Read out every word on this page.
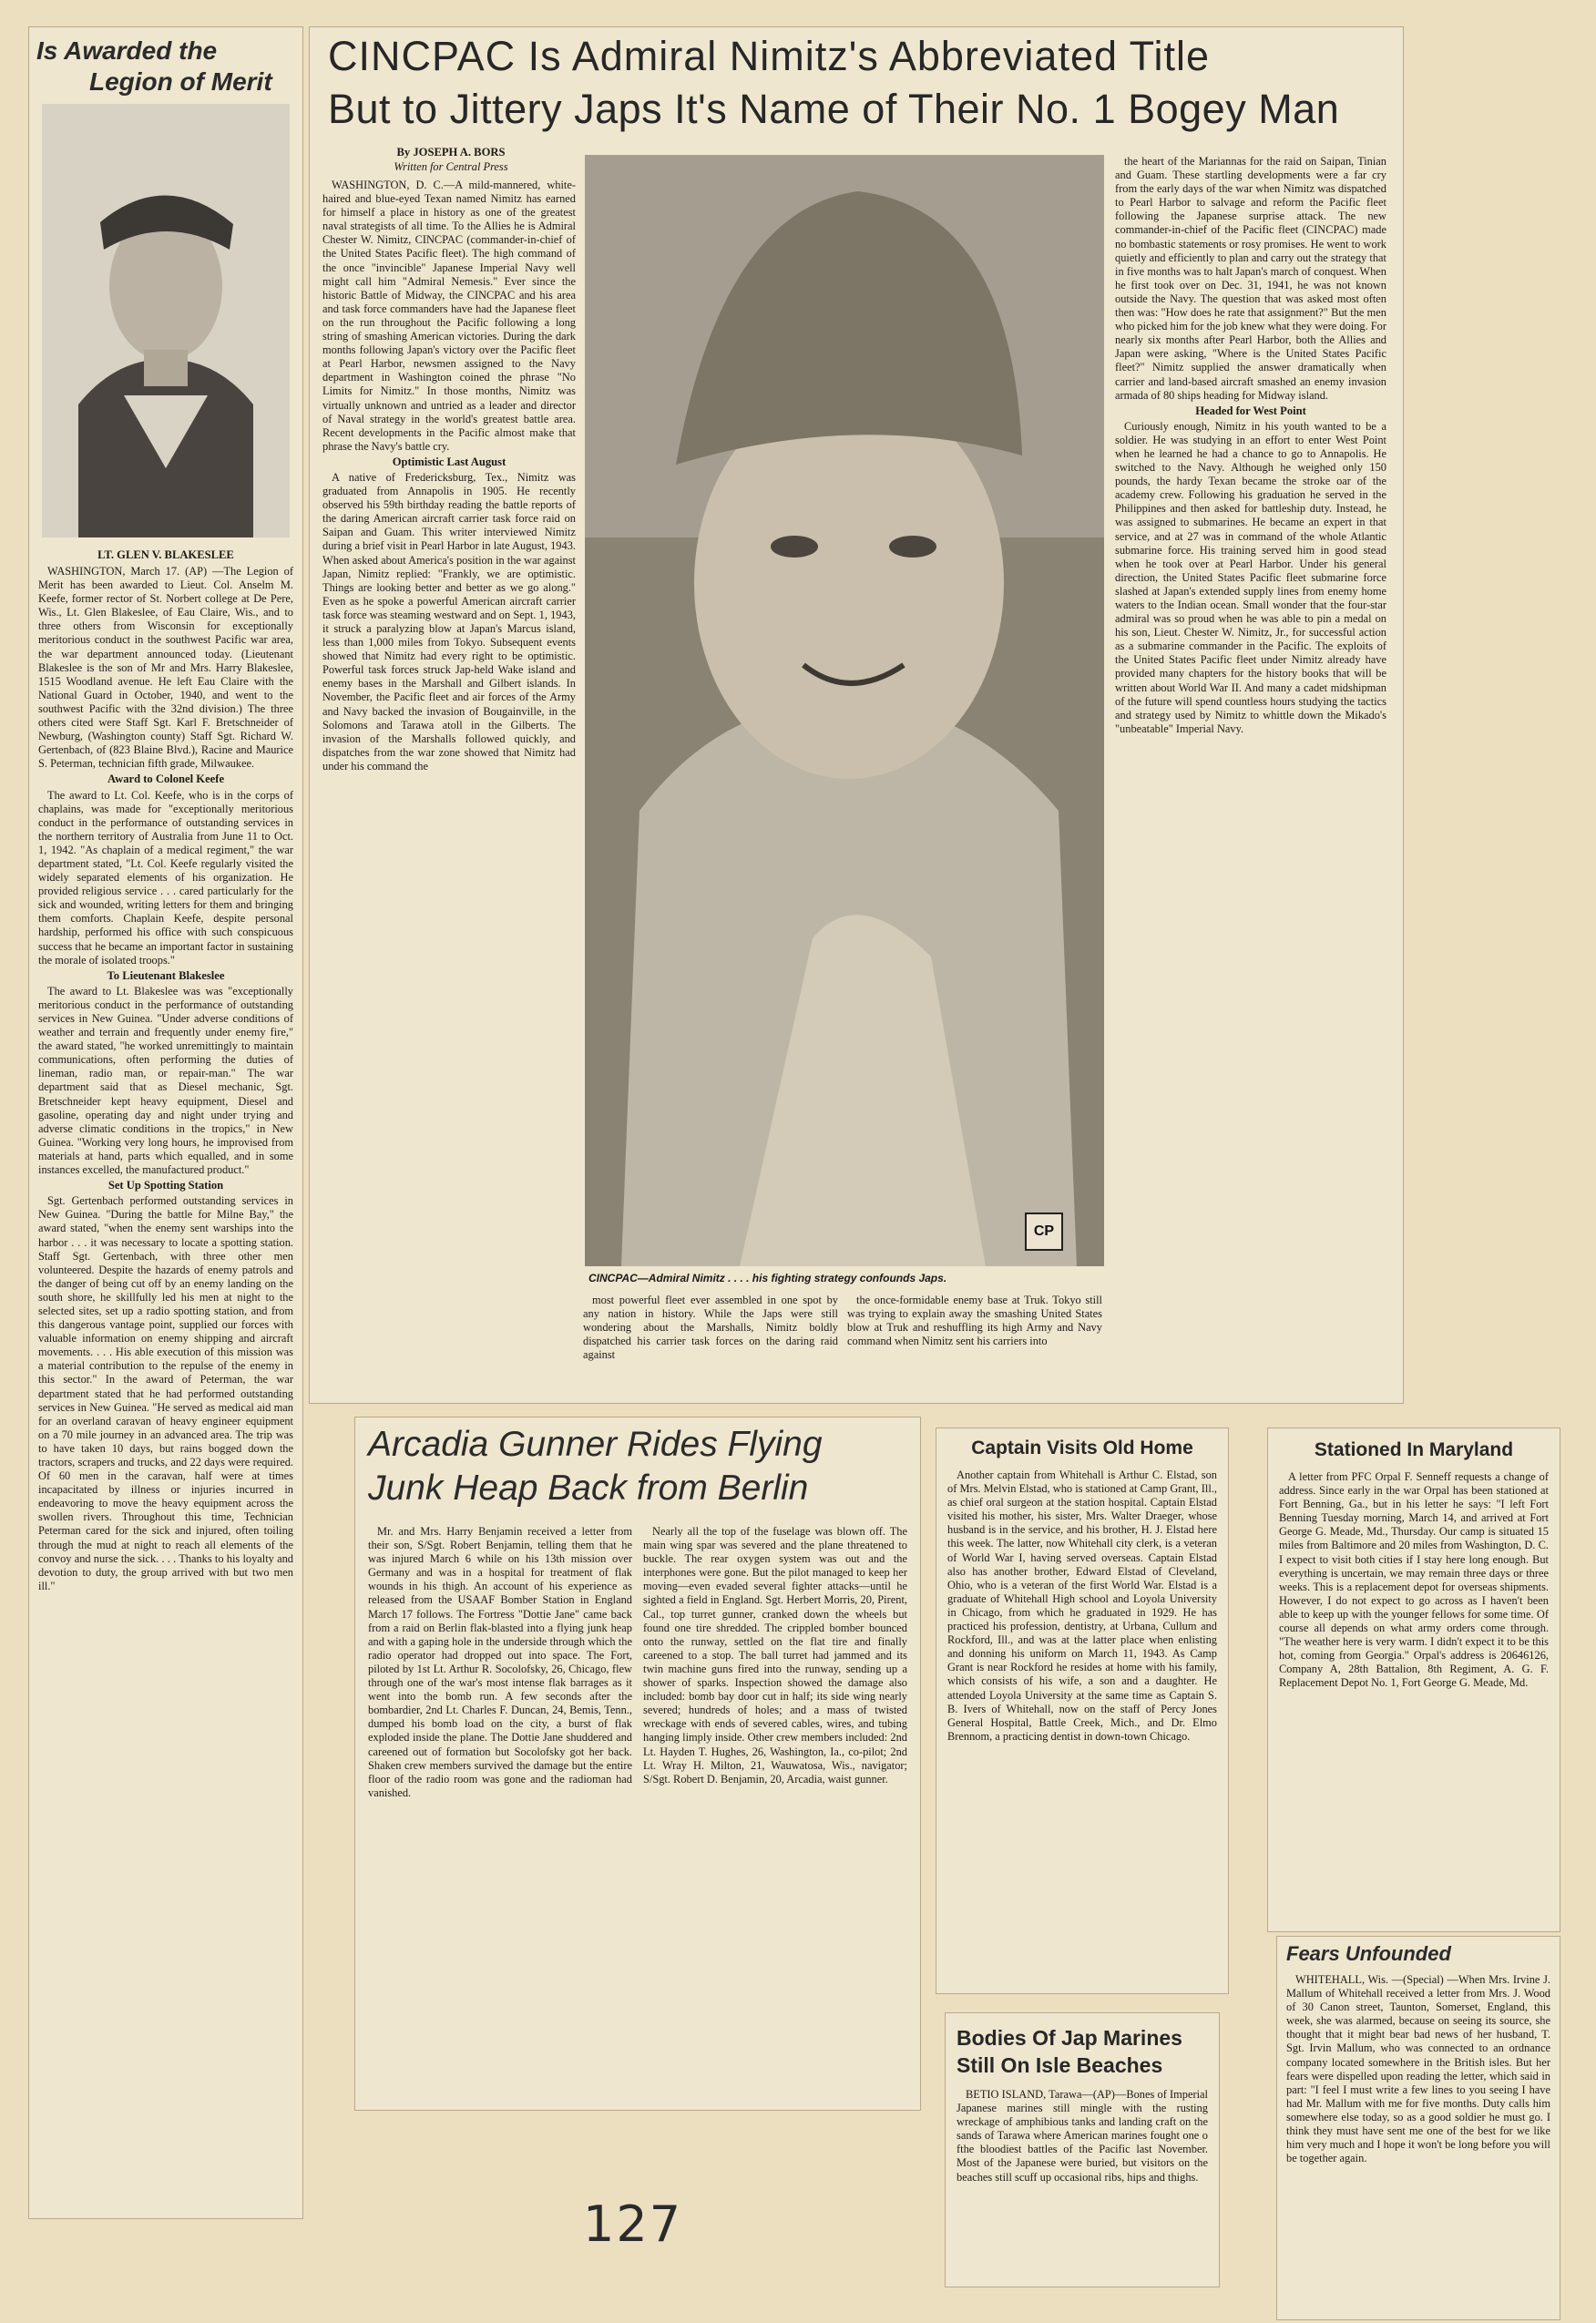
Is Awarded the
Legion of Merit
LT. GLEN V. BLAKESLEE

WASHINGTON, March 17. (AP) —The Legion of Merit has been awarded to Lieut. Col. Anselm M. Keefe, former rector of St. Norbert college at De Pere, Wis., Lt. Glen Blakeslee, of Eau Claire, Wis., and to three others from Wisconsin for exceptionally meritorious conduct in the southwest Pacific war area, the war department announced today. (Lieutenant Blakeslee is the son of Mr and Mrs. Harry Blakeslee, 1515 Woodland avenue. He left Eau Claire with the National Guard in October, 1940, and went to the southwest Pacific with the 32nd division.) The three others cited were Staff Sgt. Karl F. Bretschneider of Newburg, (Washington county) Staff Sgt. Richard W. Gertenbach, of (823 Blaine Blvd.), Racine and Maurice S. Peterman, technician fifth grade, Milwaukee.

Award to Colonel Keefe

The award to Lt. Col. Keefe, who is in the corps of chaplains, was made for "exceptionally meritorious conduct in the performance of outstanding services in the northern territory of Australia from June 11 to Oct. 1, 1942. "As chaplain of a medical regiment," the war department stated, "Lt. Col. Keefe regularly visited the widely separated elements of his organization. He provided religious service . . . cared particularly for the sick and wounded, writing letters for them and bringing them comforts. Chaplain Keefe, despite personal hardship, performed his office with such conspicuous success that he became an important factor in sustaining the morale of isolated troops."

To Lieutenant Blakeslee

The award to Lt. Blakeslee was was "exceptionally meritorious conduct in the performance of outstanding services in New Guinea. "Under adverse conditions of weather and terrain and frequently under enemy fire," the award stated, "he worked unremittingly to maintain communications, often performing the duties of lineman, radio man, or repair-man." The war department said that as Diesel mechanic, Sgt. Bretschneider kept heavy equipment, Diesel and gasoline, operating day and night under trying and adverse climatic conditions in the tropics," in New Guinea. "Working very long hours, he improvised from materials at hand, parts which equalled, and in some instances excelled, the manufactured product."

Set Up Spotting Station

Sgt. Gertenbach performed outstanding services in New Guinea. "During the battle for Milne Bay," the award stated, "when the enemy sent warships into the harbor . . . it was necessary to locate a spotting station. Staff Sgt. Gertenbach, with three other men volunteered. Despite the hazards of enemy patrols and the danger of being cut off by an enemy landing on the south shore, he skillfully led his men at night to the selected sites, set up a radio spotting station, and from this dangerous vantage point, supplied our forces with valuable information on enemy shipping and aircraft movements. . . . His able execution of this mission was a material contribution to the repulse of the enemy in this sector." In the award of Peterman, the war department stated that he had performed outstanding services in New Guinea. "He served as medical aid man for an overland caravan of heavy engineer equipment on a 70 mile journey in an advanced area. The trip was to have taken 10 days, but rains bogged down the tractors, scrapers and trucks, and 22 days were required. Of 60 men in the caravan, half were at times incapacitated by illness or injuries incurred in endeavoring to move the heavy equipment across the swollen rivers. Throughout this time, Technician Peterman cared for the sick and injured, often toiling through the mud at night to reach all elements of the convoy and nurse the sick. . . . Thanks to his loyalty and devotion to duty, the group arrived with but two men ill."

CINCPAC Is Admiral Nimitz's Abbreviated Title
But to Jittery Japs It's Name of Their No. 1 Bogey Man
By JOSEPH A. BORS
Written for Central Press

WASHINGTON, D. C.—A mild-mannered, white-haired and blue-eyed Texan named Nimitz has earned for himself a place in history as one of the greatest naval strategists of all time. To the Allies he is Admiral Chester W. Nimitz, CINCPAC (commander-in-chief of the United States Pacific fleet). The high command of the once "invincible" Japanese Imperial Navy well might call him "Admiral Nemesis." Ever since the historic Battle of Midway, the CINCPAC and his area and task force commanders have had the Japanese fleet on the run throughout the Pacific following a long string of smashing American victories. During the dark months following Japan's victory over the Pacific fleet at Pearl Harbor, newsmen assigned to the Navy department in Washington coined the phrase "No Limits for Nimitz." In those months, Nimitz was virtually unknown and untried as a leader and director of Naval strategy in the world's greatest battle area. Recent developments in the Pacific almost make that phrase the Navy's battle cry.

Optimistic Last August

A native of Fredericksburg, Tex., Nimitz was graduated from Annapolis in 1905. He recently observed his 59th birthday reading the battle reports of the daring American aircraft carrier task force raid on Saipan and Guam. This writer interviewed Nimitz during a brief visit in Pearl Harbor in late August, 1943. When asked about America's position in the war against Japan, Nimitz replied: "Frankly, we are optimistic. Things are looking better and better as we go along." Even as he spoke a powerful American aircraft carrier task force was steaming westward and on Sept. 1, 1943, it struck a paralyzing blow at Japan's Marcus island, less than 1,000 miles from Tokyo. Subsequent events showed that Nimitz had every right to be optimistic. Powerful task forces struck Jap-held Wake island and enemy bases in the Marshall and Gilbert islands. In November, the Pacific fleet and air forces of the Army and Navy backed the invasion of Bougainville, in the Solomons and Tarawa atoll in the Gilberts. The invasion of the Marshalls followed quickly, and dispatches from the war zone showed that Nimitz had under his command the

CP
CINCPAC—Admiral Nimitz . . . . his fighting strategy confounds Japs.

most powerful fleet ever assembled in one spot by any nation in history. While the Japs were still wondering about the Marshalls, Nimitz boldly dispatched his carrier task forces on the daring raid against

the once-formidable enemy base at Truk. Tokyo still was trying to explain away the smashing United States blow at Truk and reshuffling its high Army and Navy command when Nimitz sent his carriers into

the heart of the Mariannas for the raid on Saipan, Tinian and Guam. These startling developments were a far cry from the early days of the war when Nimitz was dispatched to Pearl Harbor to salvage and reform the Pacific fleet following the Japanese surprise attack. The new commander-in-chief of the Pacific fleet (CINCPAC) made no bombastic statements or rosy promises. He went to work quietly and efficiently to plan and carry out the strategy that in five months was to halt Japan's march of conquest. When he first took over on Dec. 31, 1941, he was not known outside the Navy. The question that was asked most often then was: "How does he rate that assignment?" But the men who picked him for the job knew what they were doing. For nearly six months after Pearl Harbor, both the Allies and Japan were asking, "Where is the United States Pacific fleet?" Nimitz supplied the answer dramatically when carrier and land-based aircraft smashed an enemy invasion armada of 80 ships heading for Midway island.

Headed for West Point

Curiously enough, Nimitz in his youth wanted to be a soldier. He was studying in an effort to enter West Point when he learned he had a chance to go to Annapolis. He switched to the Navy. Although he weighed only 150 pounds, the hardy Texan became the stroke oar of the academy crew. Following his graduation he served in the Philippines and then asked for battleship duty. Instead, he was assigned to submarines. He became an expert in that service, and at 27 was in command of the whole Atlantic submarine force. His training served him in good stead when he took over at Pearl Harbor. Under his general direction, the United States Pacific fleet submarine force slashed at Japan's extended supply lines from enemy home waters to the Indian ocean. Small wonder that the four-star admiral was so proud when he was able to pin a medal on his son, Lieut. Chester W. Nimitz, Jr., for successful action as a submarine commander in the Pacific. The exploits of the United States Pacific fleet under Nimitz already have provided many chapters for the history books that will be written about World War II. And many a cadet midshipman of the future will spend countless hours studying the tactics and strategy used by Nimitz to whittle down the Mikado's "unbeatable" Imperial Navy.

Arcadia Gunner Rides Flying
Junk Heap Back from Berlin

Mr. and Mrs. Harry Benjamin received a letter from their son, S/Sgt. Robert Benjamin, telling them that he was injured March 6 while on his 13th mission over Germany and was in a hospital for treatment of flak wounds in his thigh. An account of his experience as released from the USAAF Bomber Station in England March 17 follows. The Fortress "Dottie Jane" came back from a raid on Berlin flak-blasted into a flying junk heap and with a gaping hole in the underside through which the radio operator had dropped out into space. The Fort, piloted by 1st Lt. Arthur R. Socolofsky, 26, Chicago, flew through one of the war's most intense flak barrages as it went into the bomb run. A few seconds after the bombardier, 2nd Lt. Charles F. Duncan, 24, Bemis, Tenn., dumped his bomb load on the city, a burst of flak exploded inside the plane. The Dottie Jane shuddered and careened out of formation but Socolofsky got her back. Shaken crew members survived the damage but the entire floor of the radio room was gone and the radioman had vanished.

Nearly all the top of the fuselage was blown off. The main wing spar was severed and the plane threatened to buckle. The rear oxygen system was out and the interphones were gone. But the pilot managed to keep her moving—even evaded several fighter attacks—until he sighted a field in England. Sgt. Herbert Morris, 20, Pirent, Cal., top turret gunner, cranked down the wheels but found one tire shredded. The crippled bomber bounced onto the runway, settled on the flat tire and finally careened to a stop. The ball turret had jammed and its twin machine guns fired into the runway, sending up a shower of sparks. Inspection showed the damage also included: bomb bay door cut in half; its side wing nearly severed; hundreds of holes; and a mass of twisted wreckage with ends of severed cables, wires, and tubing hanging limply inside. Other crew members included: 2nd Lt. Hayden T. Hughes, 26, Washington, Ia., co-pilot; 2nd Lt. Wray H. Milton, 21, Wauwatosa, Wis., navigator; S/Sgt. Robert D. Benjamin, 20, Arcadia, waist gunner.

Captain Visits Old Home

Another captain from Whitehall is Arthur C. Elstad, son of Mrs. Melvin Elstad, who is stationed at Camp Grant, Ill., as chief oral surgeon at the station hospital. Captain Elstad visited his mother, his sister, Mrs. Walter Draeger, whose husband is in the service, and his brother, H. J. Elstad here this week. The latter, now Whitehall city clerk, is a veteran of World War I, having served overseas. Captain Elstad also has another brother, Edward Elstad of Cleveland, Ohio, who is a veteran of the first World War. Elstad is a graduate of Whitehall High school and Loyola University in Chicago, from which he graduated in 1929. He has practiced his profession, dentistry, at Urbana, Cullum and Rockford, Ill., and was at the latter place when enlisting and donning his uniform on March 11, 1943. As Camp Grant is near Rockford he resides at home with his family, which consists of his wife, a son and a daughter. He attended Loyola University at the same time as Captain S. B. Ivers of Whitehall, now on the staff of Percy Jones General Hospital, Battle Creek, Mich., and Dr. Elmo Brennom, a practicing dentist in down-town Chicago.

Bodies Of Jap Marines
Still On Isle Beaches

BETIO ISLAND, Tarawa—(AP)—Bones of Imperial Japanese marines still mingle with the rusting wreckage of amphibious tanks and landing craft on the sands of Tarawa where American marines fought one o fthe bloodiest battles of the Pacific last November. Most of the Japanese were buried, but visitors on the beaches still scuff up occasional ribs, hips and thighs.

Stationed In Maryland

A letter from PFC Orpal F. Senneff requests a change of address. Since early in the war Orpal has been stationed at Fort Benning, Ga., but in his letter he says: "I left Fort Benning Tuesday morning, March 14, and arrived at Fort George G. Meade, Md., Thursday. Our camp is situated 15 miles from Baltimore and 20 miles from Washington, D. C. I expect to visit both cities if I stay here long enough. But everything is uncertain, we may remain three days or three weeks. This is a replacement depot for overseas shipments. However, I do not expect to go across as I haven't been able to keep up with the younger fellows for some time. Of course all depends on what army orders come through. "The weather here is very warm. I didn't expect it to be this hot, coming from Georgia." Orpal's address is 20646126, Company A, 28th Battalion, 8th Regiment, A. G. F. Replacement Depot No. 1, Fort George G. Meade, Md.

Fears Unfounded

WHITEHALL, Wis. —(Special) —When Mrs. Irvine J. Mallum of Whitehall received a letter from Mrs. J. Wood of 30 Canon street, Taunton, Somerset, England, this week, she was alarmed, because on seeing its source, she thought that it might bear bad news of her husband, T. Sgt. Irvin Mallum, who was connected to an ordnance company located somewhere in the British isles. But her fears were dispelled upon reading the letter, which said in part: "I feel I must write a few lines to you seeing I have had Mr. Mallum with me for five months. Duty calls him somewhere else today, so as a good soldier he must go. I think they must have sent me one of the best for we like him very much and I hope it won't be long before you will be together again.

127
